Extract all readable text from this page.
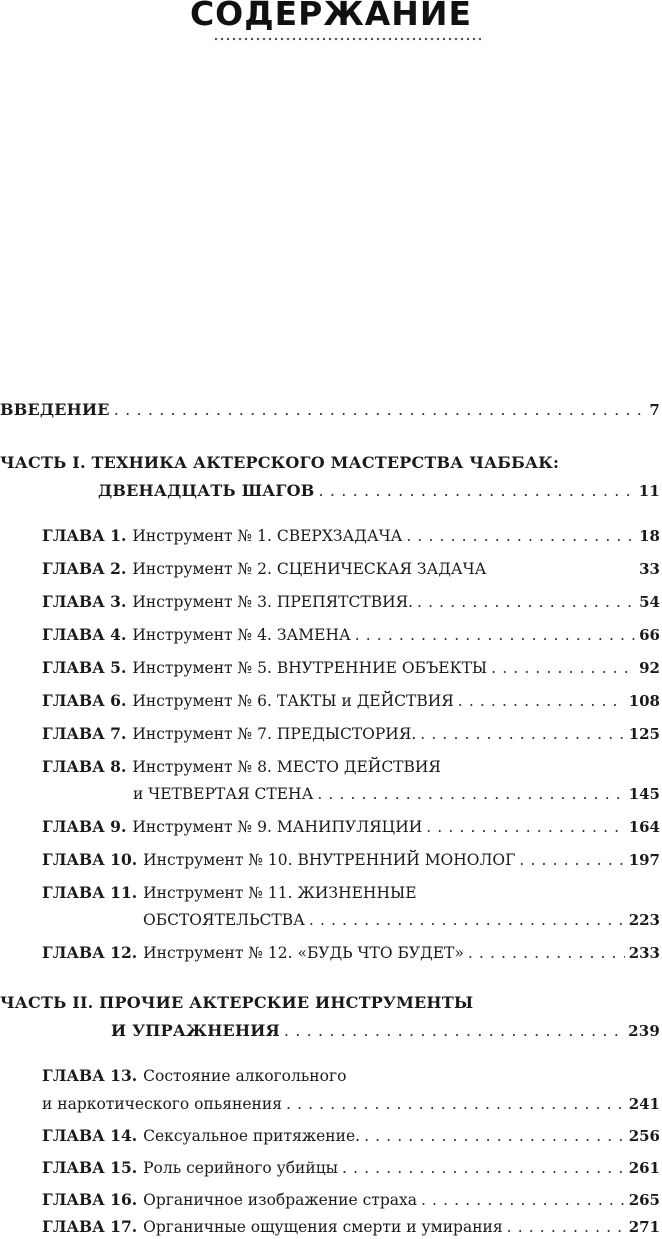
СОДЕРЖАНИЕ
ВВЕДЕНИЕ . . .	7
ЧАСТЬ I. ТЕХНИКА АКТЕРСКОГО МАСТЕРСТВА ЧАББАК:
ДВЕНАДЦАТЬ ШАГОВ . . .	11
ГЛАВА 1. Инструмент № 1. СВЕРХЗАДАЧА . . .	18
ГЛАВА 2. Инструмент № 2. СЦЕНИЧЕСКАЯ ЗАДАЧА	33
ГЛАВА 3. Инструмент № 3. ПРЕПЯТСТВИЯ. . . .	54
ГЛАВА 4. Инструмент № 4. ЗАМЕНА . . .	66
ГЛАВА 5. Инструмент № 5. ВНУТРЕННИЕ ОБЪЕКТЫ . . .	92
ГЛАВА 6. Инструмент № 6. ТАКТЫ и ДЕЙСТВИЯ . . .	108
ГЛАВА 7. Инструмент № 7. ПРЕДЫСТОРИЯ. . . .	125
ГЛАВА 8. Инструмент № 8. МЕСТО ДЕЙСТВИЯ
и ЧЕТВЕРТАЯ СТЕНА . . .	145
ГЛАВА 9. Инструмент № 9. МАНИПУЛЯЦИИ . . .	164
ГЛАВА 10. Инструмент № 10. ВНУТРЕННИЙ МОНОЛОГ . . .	197
ГЛАВА 11. Инструмент № 11. ЖИЗНЕННЫЕ
ОБСТОЯТЕЛЬСТВА . . .	223
ГЛАВА 12. Инструмент № 12. «БУДЬ ЧТО БУДЕТ» . . .	233
ЧАСТЬ II. ПРОЧИЕ АКТЕРСКИЕ ИНСТРУМЕНТЫ
И УПРАЖНЕНИЯ . . .	239
ГЛАВА 13. Состояние алкогольного
и наркотического опьянения . . .	241
ГЛАВА 14. Сексуальное притяжение. . . .	256
ГЛАВА 15. Роль серийного убийцы . . .	261
ГЛАВА 16. Органичное изображение страха . . .	265
ГЛАВА 17. Органичные ощущения смерти и умирания . . .	271
